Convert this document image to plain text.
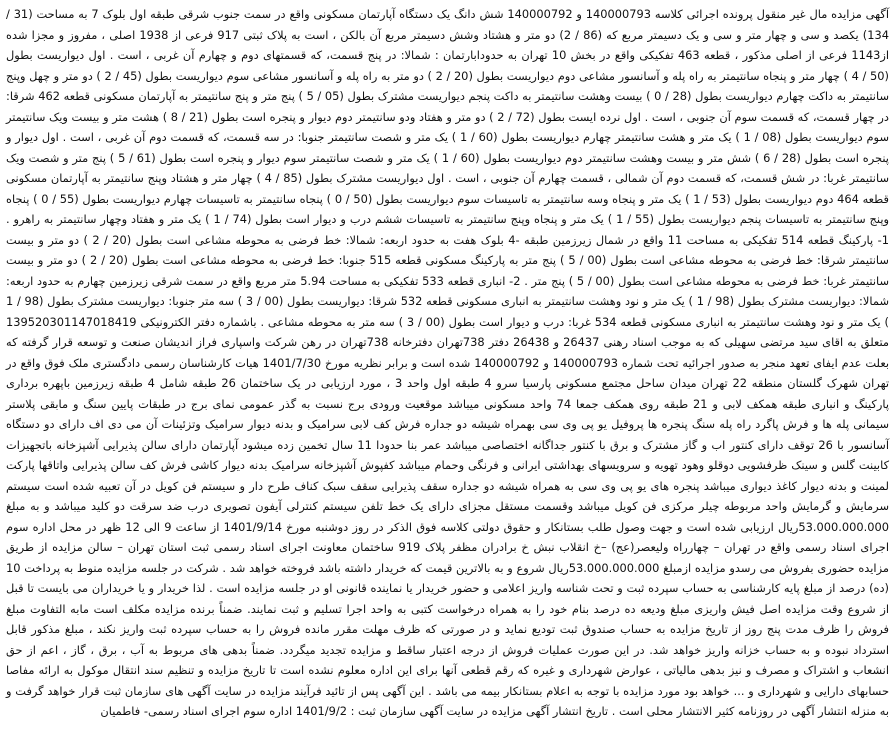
آگهی مزایده مال غیر منقول پرونده اجرائی کلاسه 140000793 و 140000792 شش دانگ یک دستگاه آپارتمان مسکونی واقع در سمت جنوب شرقی طبقه اول بلوک 7 به مساحت (31 / 134) یکصد و سی و چهار متر و سی و یک دسیمتر مربع که (86 / 2) دو متر و هشتاد وشش دسیمتر مربع آن بالکن ، است به پلاک ثبتی 917 فرعی از 1938 اصلی ، مفروز و مجزا شده از1143 فرعی از اصلی مذکور ، قطعه 463 تفکیکی واقع در بخش 10 تهران به حدودابارتمان : شمالا: در پنج قسمت، که قسمتهای دوم و چهارم آن غربی ، است . اول دیواریست بطول (50 / 4 ) چهار متر و پنجاه سانتیمتر به راه پله و آسانسور مشاعی دوم دیواریست بطول (20 / 2 ) دو متر به راه پله و آسانسور مشاعی سوم دیواریست بطول (45 / 2 ) دو متر و چهل وپنج سانتیمتر به داکت چهارم دیواریست بطول (28 / 0 ) بیست وهشت سانتیمتر به داکت پنجم دیواریست مشترک بطول (05 / 5 ) پنج متر و پنج سانتیمتر به آپارتمان مسکونی قطعه 462 شرقا: در چهار قسمت، که قسمت سوم آن جنوبی ، است . اول نرده ایست بطول (72 / 2 ) دو متر و هفتاد ودو سانتیمتر دوم دیوار و پنجره است بطول (21 / 8 ) هشت متر و بیست ویک سانتیمتر سوم دیواریست بطول (08 / 1 ) یک متر و هشت سانتیمتر چهارم دیواریست بطول (60 / 1 ) یک متر و شصت سانتیمتر جنوبا: در سه قسمت، که قسمت دوم آن غربی ، است . اول دیوار و پنجره است بطول (28 / 6 ) شش متر و بیست وهشت سانتیمتر دوم دیواریست بطول (60 / 1 ) یک متر و شصت سانتیمتر سوم دیوار و پنجره است بطول (61 / 5 ) پنج متر و شصت ویک سانتیمتر غربا: در شش قسمت، که قسمت دوم آن شمالی ، قسمت چهارم آن جنوبی ، است . اول دیواریست مشترک بطول (85 / 4 ) چهار متر و هشتاد وپنج سانتیمتر به آپارتمان مسکونی قطعه 464 دوم دیواریست بطول (53 / 1 ) یک متر و پنجاه وسه سانتیمتر به تاسیسات سوم دیواریست بطول (50 / 0 ) پنجاه سانتیمتر به تاسیسات چهارم دیواریست بطول (55 / 0 ) پنجاه وپنج سانتیمتر به تاسیسات پنجم دیواریست بطول (55 / 1 ) یک متر و پنجاه وپنج سانتیمتر به تاسیسات ششم درب و دیوار است بطول (74 / 1 ) یک متر و هفتاد وچهار سانتیمتر به راهرو . 1- پارکینگ قطعه 514 تفکیکی به مساحت 11 واقع در شمال زیرزمین طبقه -4 بلوک هفت به حدود اربعه: شمالا: خط فرضی به محوطه مشاعی است بطول (20 / 2 ) دو متر و بیست سانتیمتر شرقا: خط فرضی به محوطه مشاعی است بطول (00 / 5 ) پنج متر به پارکینگ مسکونی قطعه 515 جنوبا: خط فرضی به محوطه مشاعی است بطول (20 / 2 ) دو متر و بیست سانتیمتر غربا: خط فرضی به محوطه مشاعی است بطول (00 / 5 ) پنج متر . 2- انباری قطعه 533 تفکیکی به مساحت 5.94 متر مربع واقع در سمت شرقی زیرزمین چهارم به حدود اربعه: شمالا: دیواریست مشترک بطول (98 / 1 ) یک متر و نود وهشت سانتیمتر به انباری مسکونی قطعه 532 شرقا: دیواریست بطول (00 / 3 ) سه متر جنوبا: دیواریست مشترک بطول (98 / 1 ) یک متر و نود وهشت سانتیمتر به انباری مسکونی قطعه 534 غربا: درب و دیوار است بطول (00 / 3 ) سه متر به محوطه مشاعی . باشماره دفتر الکترونیکی 139520301147018419 متعلق به اقای سید مرتضی سهیلی که به موجب اسناد رهنی 26437 و 26438 دفتر 738تهران دفترخانه 738تهران در رهن شرکت واسپاری فراز اندیشان صنعت و توسعه قرار گرفته که بعلت عدم ایفای تعهد منجر به صدور اجرائیه تحت شماره 140000793 و 140000792 شده است و برابر نظریه مورخ 1401/7/30 هیات کارشناسان رسمی دادگستری ملک فوق واقع در تهران شهرک گلستان منطقه 22 تهران میدان ساحل مجتمع مسکونی پارسیا سرو 4 طبقه اول واحد 3 ، مورد ارزیابی در یک ساختمان 26 طبقه شامل 4 طبقه زیرزمین باپهره برداری پارکینگ و انباری طبقه همکف لابی و 21 طبقه روی همکف جمعا 74 واحد مسکونی میباشد موقعیت ورودی برج نسبت به گذر عمومی نمای برج در طبقات پایین سنگ و مابقی پلاستر سیمانی پله ها و فرش پاگرد راه پله سنگ پنجره ها پروفیل یو پی وی سی بهمراه شیشه دو جداره فرش کف لابی سرامیک و بدنه دیوار سرامیک وتزئینات آن می دی اف دارای دو دستگاه آسانسور با 26 توقف دارای کنتور اب و گاز مشترک و برق با کنتور جداگانه اختصاصی میباشد عمر بنا حدودا 11 سال تخمین زده میشود آپارتمان دارای سالن پذیرایی آشپزخانه باتجهیزات کابینت گلس و سینک ظرفشویی دوقلو وهود تهویه و سرویسهای بهداشتی ایرانی و فرنگی وحمام میباشد کفپوش آشپزخانه سرامیک بدنه دیوار کاشی فرش کف سالن پذیرایی واتاقها پارکت لمینت و بدنه دیوار کاغذ دیواری میباشد پنجره های یو پی وی سی به همراه شیشه دو جداره سقف پذیرایی سقف سبک کناف طرح دار و سیستم فن کویل در آن تعبیه شده است سیستم سرمایش و گرمایش واحد مربوطه چیلر مرکزی فن کویل میباشد وقسمت مستقل مجزای دارای یک خط تلفن سیستم کنترلی آیفون تصویری درب ضد سرقت دو کلید میباشد و به مبلغ 53.000.000.000ریال ارزیابی شده است و جهت وصول طلب بستانکار و حقوق دولتی کلاسه فوق الذکر در روز دوشنبه مورخ 1401/9/14 از ساعت 9 الی 12 ظهر در محل اداره سوم اجرای اسناد رسمی واقع در تهران – چهارراه ولیعصر(عج) –خ انقلاب نبش خ برادران مظفر پلاک 919 ساختمان معاونت اجرای اسناد رسمی ثبت استان تهران – سالن مزایده از طریق مزایده حضوری بفروش می رسدو مزایده ازمبلغ 53.000.000.000ریال شروع و به بالاترین قیمت که خریدار داشته باشد فروخته خواهد شد . شرکت در جلسه مزایده منوط به پرداخت 10 (ده) درصد از مبلغ پایه کارشناسی به حساب سپرده ثبت و تحت شناسه واریز اعلامی و حضور خریدار یا نماینده قانونی او در جلسه مزایده است . لذا خریدار و یا خریداران می بایست تا قبل از شروع وقت مزایده اصل فیش واریزی مبلغ ودیعه ده درصد بنام خود را به همراه درخواست کتبی به واحد اجرا تسلیم و ثبت نمایند. ضمناً برنده مزایده مکلف است مابه التفاوت مبلغ فروش را ظرف مدت پنج روز از تاریخ مزایده به حساب صندوق ثبت تودیع نماید و در صورتی که ظرف مهلت مقرر مانده فروش را به حساب سپرده ثبت واریز نکند ، مبلغ مذکور قابل استرداد نبوده و به حساب خزانه واریز خواهد شد. در این صورت عملیات فروش از درجه اعتبار ساقط و مزایده تجدید میگردد. ضمناً بدهی های مربوط به آب ، برق ، گاز ، اعم از حق انشعاب و اشتراک و مصرف و نیز بدهی مالیاتی ، عوارض شهرداری و غیره که رقم قطعی آنها برای این اداره معلوم نشده است تا تاریخ مزایده و تنظیم سند انتقال موکول به ارائه مفاصا حسابهای دارایی و شهرداری و ... خواهد بود مورد مزایده با توجه به اعلام بستانکار بیمه می باشد . این آگهی پس از تائید فرآیند مزایده در سایت آگهی های سازمان ثبت قرار خواهد گرفت و به منزله انتشار آگهی در روزنامه کثیر الانتشار محلی است . تاریخ انتشار آگهی مزایده در سایت آگهی سازمان ثبت : 1401/9/2 اداره سوم اجرای اسناد رسمی- فاطمیان
